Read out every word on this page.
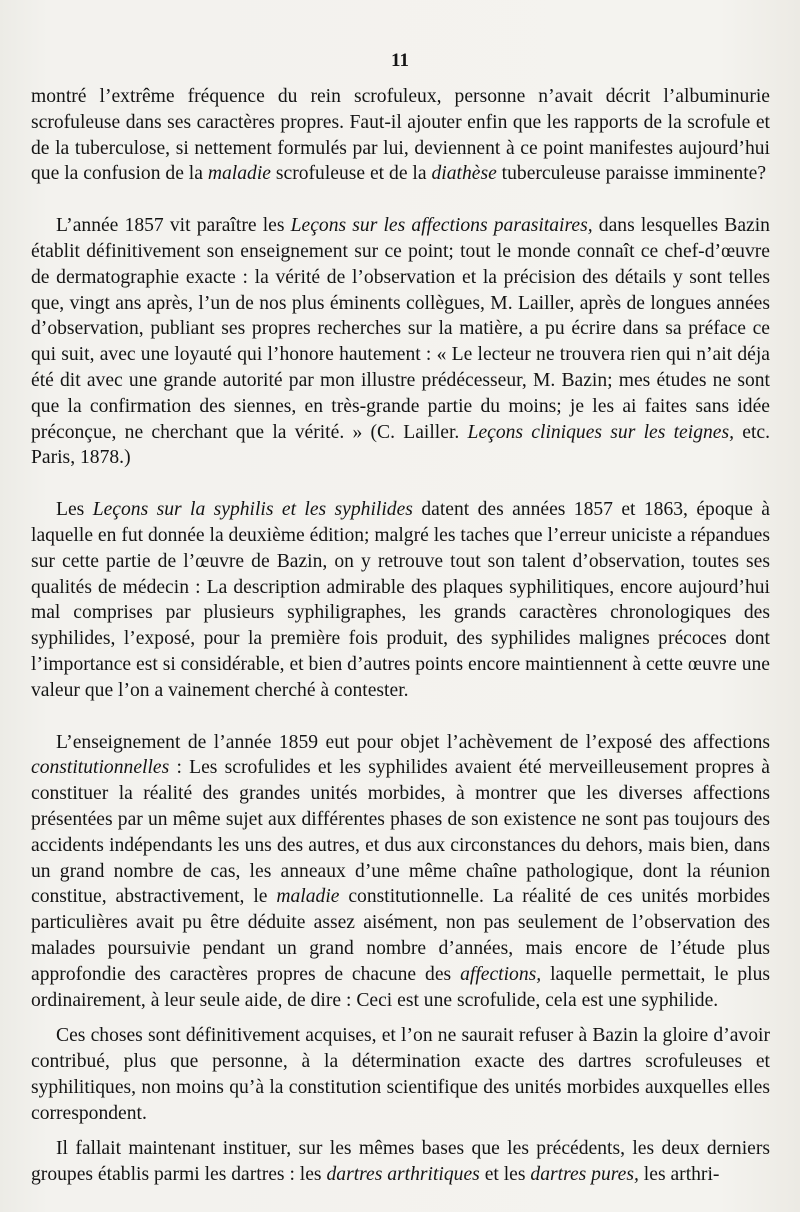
11

montré l’extrême fréquence du rein scrofuleux, personne n’avait décrit l’albuminurie scrofuleuse dans ses caractères propres. Faut-il ajouter enfin que les rapports de la scrofule et de la tuberculose, si nettement formulés par lui, deviennent à ce point manifestes aujourd’hui que la confusion de la maladie scrofuleuse et de la diathèse tuberculeuse paraisse imminente?

L’année 1857 vit paraître les Leçons sur les affections parasitaires, dans lesquelles Bazin établit définitivement son enseignement sur ce point; tout le monde connaît ce chef-d’œuvre de dermatographie exacte : la vérité de l’observation et la précision des détails y sont telles que, vingt ans après, l’un de nos plus éminents collègues, M. Lailler, après de longues années d’observation, publiant ses propres recherches sur la matière, a pu écrire dans sa préface ce qui suit, avec une loyauté qui l’honore hautement : « Le lecteur ne trouvera rien qui n’ait déja été dit avec une grande autorité par mon illustre prédécesseur, M. Bazin; mes études ne sont que la confirmation des siennes, en très-grande partie du moins; je les ai faites sans idée préconçue, ne cherchant que la vérité. » (C. Lailler. Leçons cliniques sur les teignes, etc. Paris, 1878.)

Les Leçons sur la syphilis et les syphilides datent des années 1857 et 1863, époque à laquelle en fut donnée la deuxième édition; malgré les taches que l’erreur uniciste a répandues sur cette partie de l’œuvre de Bazin, on y retrouve tout son talent d’observation, toutes ses qualités de médecin : La description admirable des plaques syphilitiques, encore aujourd’hui mal comprises par plusieurs syphiligraphes, les grands caractères chronologiques des syphilides, l’exposé, pour la première fois produit, des syphilides malignes précoces dont l’importance est si considérable, et bien d’autres points encore maintiennent à cette œuvre une valeur que l’on a vainement cherché à contester.

L’enseignement de l’année 1859 eut pour objet l’achèvement de l’exposé des affections constitutionnelles : Les scrofulides et les syphilides avaient été merveilleusement propres à constituer la réalité des grandes unités morbides, à montrer que les diverses affections présentées par un même sujet aux différentes phases de son existence ne sont pas toujours des accidents indépendants les uns des autres, et dus aux circonstances du dehors, mais bien, dans un grand nombre de cas, les anneaux d’une même chaîne pathologique, dont la réunion constitue, abstractivement, le maladie constitutionnelle. La réalité de ces unités morbides particulières avait pu être déduite assez aisément, non pas seulement de l’observation des malades poursuivie pendant un grand nombre d’années, mais encore de l’étude plus approfondie des caractères propres de chacune des affections, laquelle permettait, le plus ordinairement, à leur seule aide, de dire : Ceci est une scrofulide, cela est une syphilide.

Ces choses sont définitivement acquises, et l’on ne saurait refuser à Bazin la gloire d’avoir contribué, plus que personne, à la détermination exacte des dartres scrofuleuses et syphilitiques, non moins qu’à la constitution scientifique des unités morbides auxquelles elles correspondent.

Il fallait maintenant instituer, sur les mêmes bases que les précédents, les deux derniers groupes établis parmi les dartres : les dartres arthritiques et les dartres pures, les arthri-
